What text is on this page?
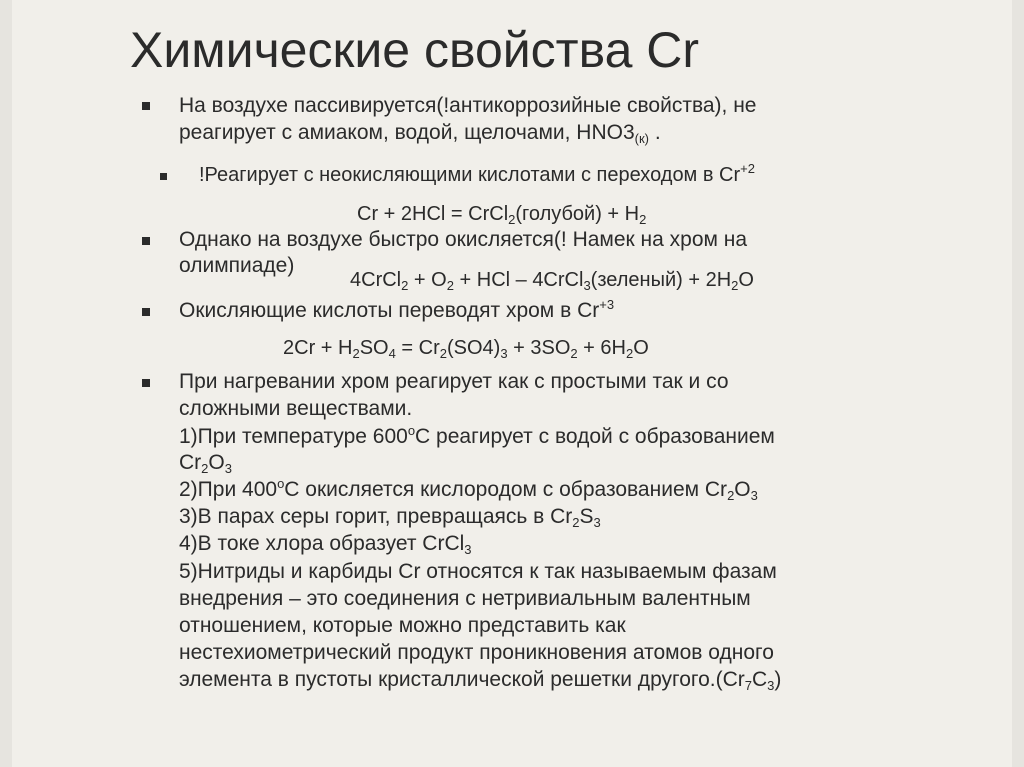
Химические свойства Cr
На воздухе пассивируется(!антикоррозийные свойства), не
реагирует с амиаком, водой, щелочами, $HNO3_{(к)}$ .
!Реагирует с неокисляющими кислотами с переходом в $Cr^{+2}$
Cr + 2HCl = CrCl$_2$(голубой) + $H_2$
Однако на воздухе быстро окисляется(! Намек на хром на
олимпиаде)
4CrCl$_2$ + $O_2$ + HCl – 4CrCl$_3$(зеленый) + $2H_2O$
Окисляющие кислоты переводят хром в $Cr^{+3}$
$2Cr + H_2SO_4 = Cr_2(SO4)_3 + 3SO_2 + 6H_2O$
При нагревании хром реагирует как с простыми так и со
сложными веществами.
1)При температуре $600^оС$ реагирует с водой с образованием
$Cr_2O_3$
2)При $400^оС$ окисляется кислородом с образованием $Cr_2O_3$
3)В парах серы горит, превращаясь в $Cr_2S_3$
4)В токе хлора образует CrCl$_3$
5)Нитриды и карбиды Cr относятся к так называемым фазам
внедрения – это соединения с нетривиальным валентным
отношением, которые можно представить как
нестехиометрический продукт проникновения атомов одного
элемента в пустоты кристаллической решетки $другого.(Cr_7C_3)$
